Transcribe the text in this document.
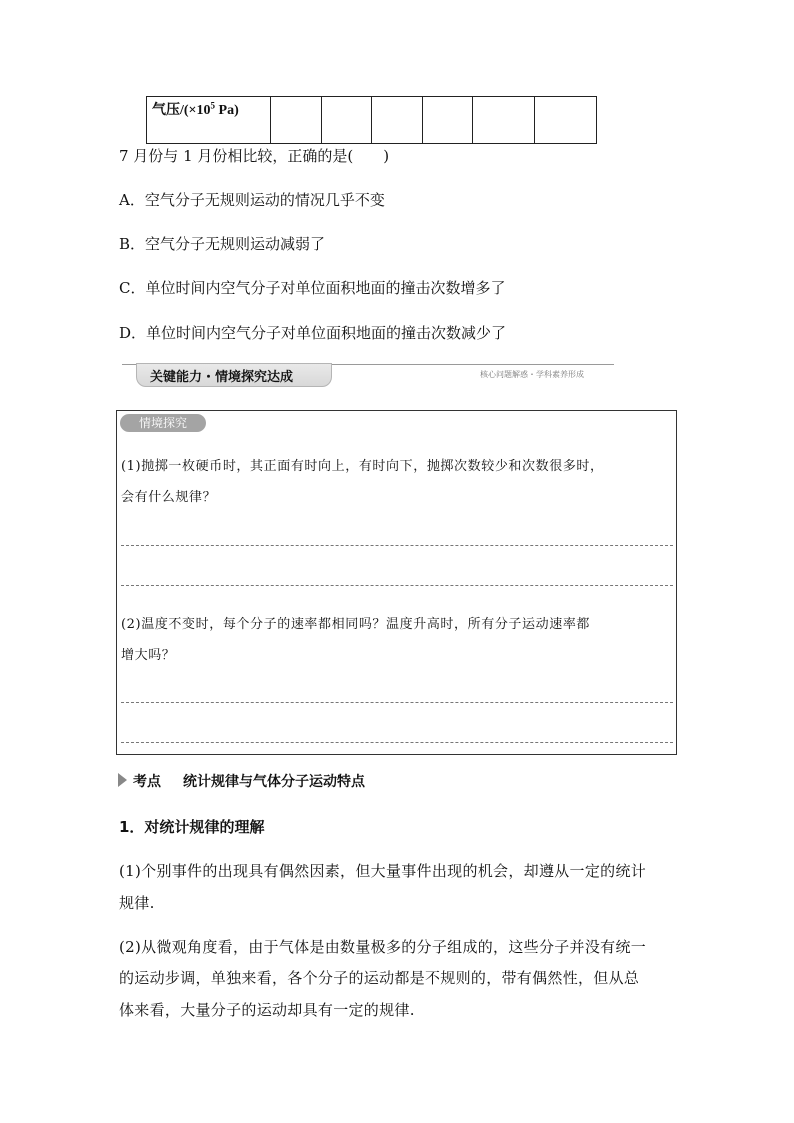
气压$/(\times 10^5$ Pa)						
7 月份与 1 月份相比较，正确的是(　　)
A．空气分子无规则运动的情况几乎不变
B．空气分子无规则运动减弱了
C．单位时间内空气分子对单位面积地面的撞击次数增多了
D．单位时间内空气分子对单位面积地面的撞击次数减少了
关键能力・情境探究达成	核心问题解惑・学科素养形成
情境探究
(1)抛掷一枚硬币时，其正面有时向上，有时向下，抛掷次数较少和次数很多时，
会有什么规律？
(2)温度不变时，每个分子的速率都相同吗？温度升高时，所有分子运动速率都
增大吗？
考点 统计规律与气体分子运动特点
1．对统计规律的理解
(1)个别事件的出现具有偶然因素，但大量事件出现的机会，却遵从一定的统计
规律.
(2)从微观角度看，由于气体是由数量极多的分子组成的，这些分子并没有统一
的运动步调，单独来看，各个分子的运动都是不规则的，带有偶然性，但从总
体来看，大量分子的运动却具有一定的规律.
